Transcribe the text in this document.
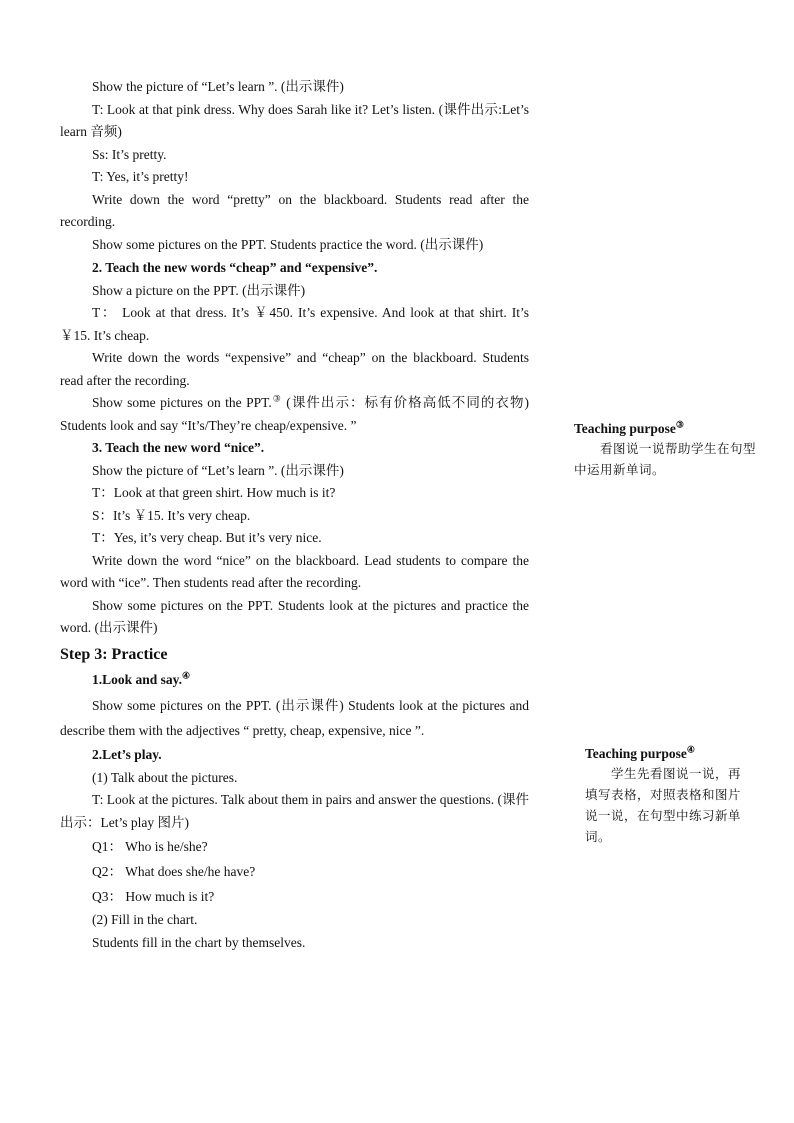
Show the picture of “Let’s learn ”. (出示课件)

T: Look at that pink dress. Why does Sarah like it? Let’s listen. (课件出示:Let’s learn 音频)

Ss: It’s pretty.

T: Yes, it’s pretty!

Write down the word “pretty” on the blackboard. Students read after the recording.

Show some pictures on the PPT. Students practice the word. (出示课件)

2. Teach the new words “cheap” and “expensive”.

Show a picture on the PPT. (出示课件)

T： Look at that dress. It’s ￥450. It’s expensive. And look at that shirt. It’s ￥15. It’s cheap.

Write down the words “expensive” and “cheap” on the blackboard. Students read after the recording.

Show some pictures on the PPT.③ (课件出示：标有价格高低不同的衣物) Students look and say “It’s/They’re cheap/expensive. ”

3. Teach the new word “nice”.

Show the picture of “Let’s learn ”. (出示课件)

T：Look at that green shirt. How much is it?

S：It’s ￥15. It’s very cheap.

T：Yes, it’s very cheap. But it’s very nice.

Write down the word “nice” on the blackboard. Lead students to compare the word with “ice”. Then students read after the recording.

Show some pictures on the PPT. Students look at the pictures and practice the word. (出示课件)

Step 3: Practice

1.Look and say.④

Show some pictures on the PPT. (出示课件) Students look at the pictures and describe them with the adjectives “ pretty, cheap, expensive, nice ”.

2.Let’s play.

(1) Talk about the pictures.

T: Look at the pictures. Talk about them in pairs and answer the questions. (课件出示：Let’s play 图片)

Q1： Who is he/she?

Q2： What does she/he have?

Q3： How much is it?

(2) Fill in the chart.

Students fill in the chart by themselves.

Teaching purpose③

看图说一说帮助学生在句型中运用新单词。

Teaching purpose④

学生先看图说一说，再填写表格，对照表格和图片说一说，在句型中练习新单词。
